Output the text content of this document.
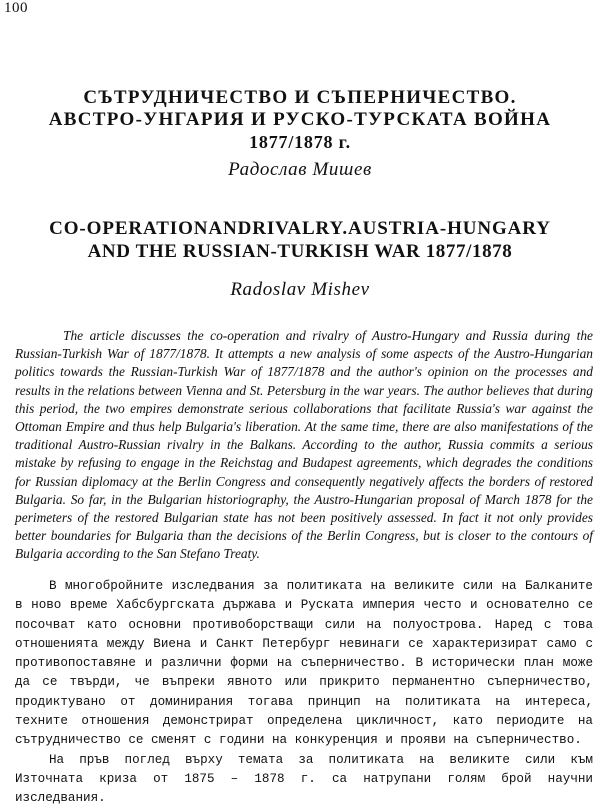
100
СЪТРУДНИЧЕСТВО И СЪПЕРНИЧЕСТВО.
АВСТРО-УНГАРИЯ И РУСКО-ТУРСКАТА ВОЙНА
1877/1878 г.
Радослав Мишев
CO-OPERATIONANDRIVALRY.AUSTRIA-HUNGARY
AND THE RUSSIAN-TURKISH WAR 1877/1878
Radoslav Mishev

The article discusses the co-operation and rivalry of Austro-Hungary and Russia during the Russian-Turkish War of 1877/1878. It attempts a new analysis of some aspects of the Austro-Hungarian politics towards the Russian-Turkish War of 1877/1878 and the author's opinion on the processes and results in the relations between Vienna and St. Petersburg in the war years. The author believes that during this period, the two empires demonstrate serious collaborations that facilitate Russia's war against the Ottoman Empire and thus help Bulgaria's liberation. At the same time, there are also manifestations of the traditional Austro-Russian rivalry in the Balkans. According to the author, Russia commits a serious mistake by refusing to engage in the Reichstag and Budapest agreements, which degrades the conditions for Russian diplomacy at the Berlin Congress and consequently negatively affects the borders of restored Bulgaria. So far, in the Bulgarian historiography, the Austro-Hungarian proposal of March 1878 for the perimeters of the restored Bulgarian state has not been positively assessed. In fact it not only provides better boundaries for Bulgaria than the decisions of the Berlin Congress, but is closer to the contours of Bulgaria according to the San Stefano Treaty.

В многобройните изследвания за политиката на великите сили на Балканите в ново време Хабсбургската държава и Руската империя често и основателно се посочват като основни противоборстващи сили на полуострова. Наред с това отношенията между Виена и Санкт Петербург невинаги се характеризират само с противопоставяне и различни форми на съперничество. В исторически план може да се твърди, че въпреки явното или прикрито перманентно съперничество, продиктувано от доминирания тогава принцип на политиката на интереса, техните отношения демонстрират определена цикличност, като периодите на сътрудничество се сменят с години на конкуренция и прояви на съперничество.

На пръв поглед върху темата за политиката на великите сили към Източната криза от 1875 – 1878 г. са натрупани голям брой научни изследвания.
